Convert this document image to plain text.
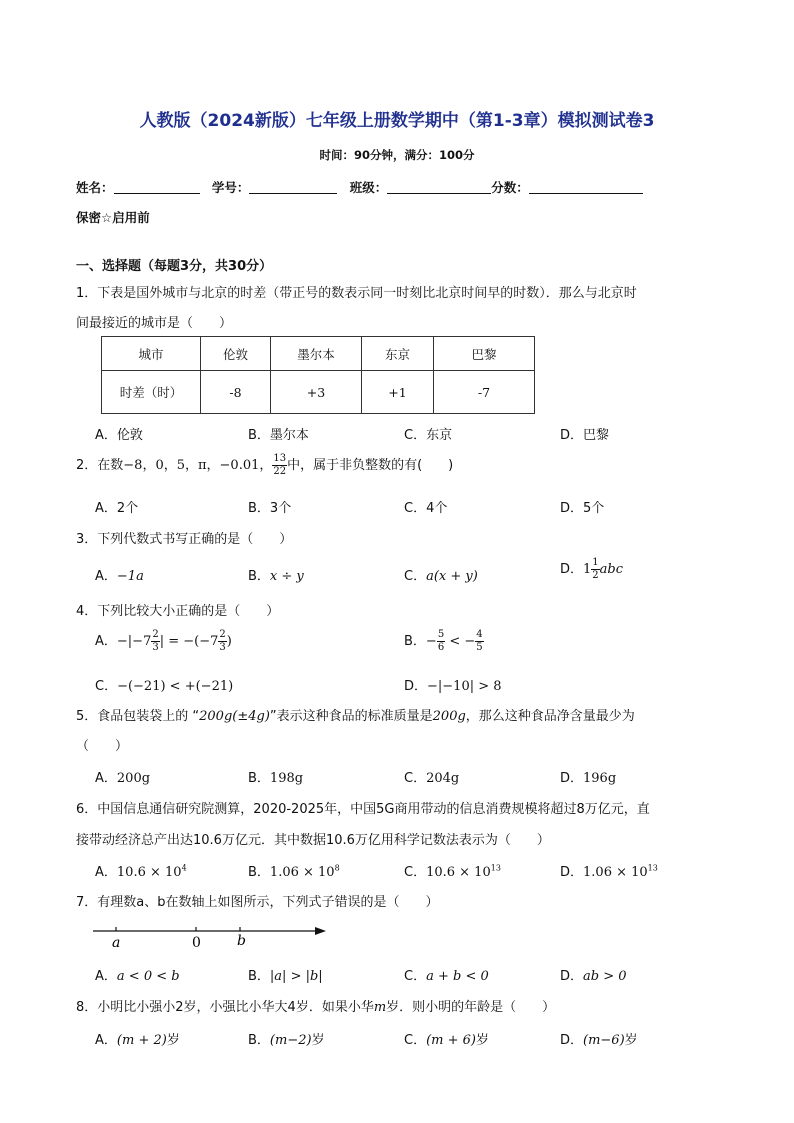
人教版（2024新版）七年级上册数学期中（第1-3章）模拟测试卷3
时间：90分钟，满分：100分
姓名：	学号：	班级：	分数：
保密☆启用前
一、选择题（每题3分，共30分）
1．下表是国外城市与北京的时差（带正号的数表示同一时刻比北京时间早的时数）．那么与北京时
间最接近的城市是（　　）
城市	伦敦	墨尔本	东京	巴黎
时差（时）	-8	+3	+1	-7
A．伦敦	B．墨尔本	C．东京	D．巴黎
2．在数−8，0，5，π，−0.01， $\frac{13}{22}$ 中，属于非负整数的有(　　)
A．2个	B．3个	C．4个	D．5个
3．下列代数式书写正确的是（　　）
A．−1a	B．x ÷ y	C．a(x + y)	D．$1 \frac{1}{2}$ abc
4．下列比较大小正确的是（　　）
A．$-|-7 \frac{2}{3}$ | = $-(-7 \frac{2}{3}$ )	B．− $\frac{5}{6}$ < − $\frac{4}{5}$
C．−(−21) < +(−21)	D．−|−10| > 8
5．食品包装袋上的 “200g(±4g)”表示这种食品的标准质量是200g，那么这种食品净含量最少为
（　　）
A．200g	B．198g	C．204g	D．196g
6．中国信息通信研究院测算，2020-2025年，中国5G商用带动的信息消费规模将超过8万亿元，直
接带动经济总产出达10.6万亿元．其中数据10.6万亿用科学记数法表示为（　　）
A．$10.6 \times 10^4$	B．$1.06 \times 10^8$	C．$10.6 \times 10^{13}$	D．$1.06 \times 10^{13}$
7．有理数a、b在数轴上如图所示，下列式子错误的是（　　）
a	0	b
A．a < 0 < b	B．|a| > |b|	C．a + b < 0	D．ab > 0
8．小明比小强小2岁，小强比小华大4岁．如果小华m岁．则小明的年龄是（　　）
A．(m + 2)岁	B．(m−2)岁	C．(m + 6)岁	D．(m−6)岁
